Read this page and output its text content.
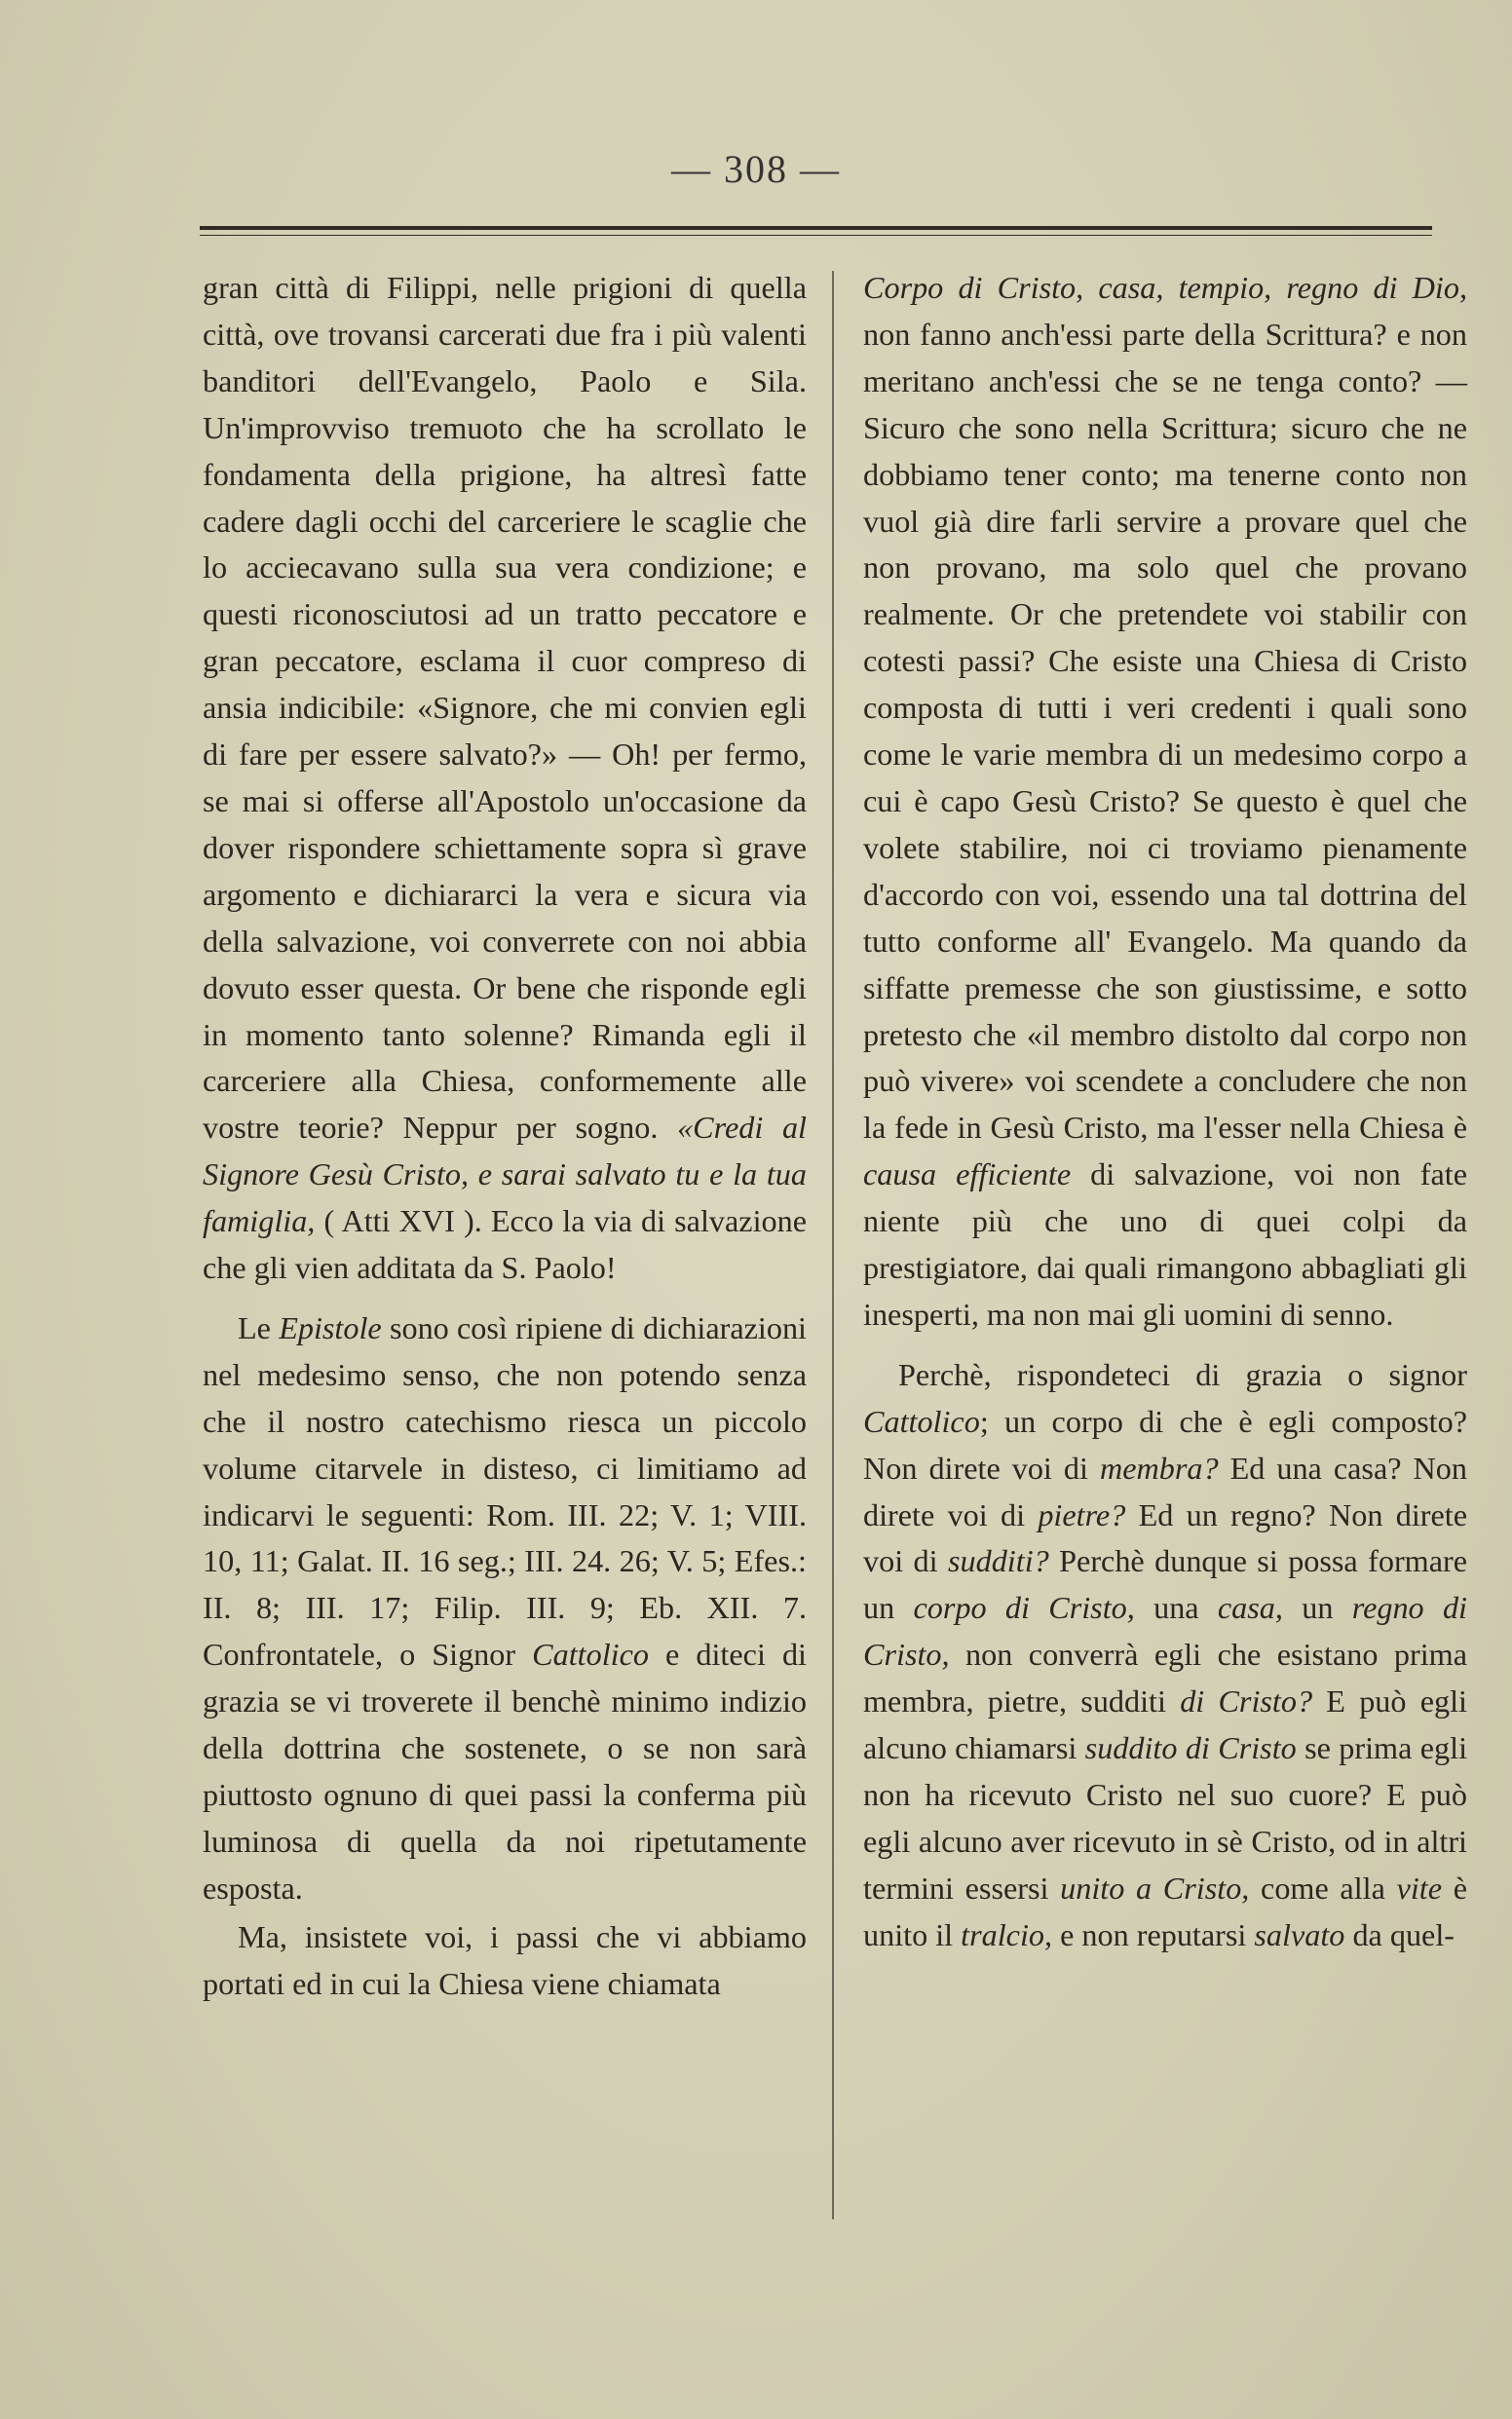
— 308 —

gran città di Filippi, nelle prigioni di quella città, ove trovansi carcerati due fra i più valenti banditori dell'Evangelo, Paolo e Sila. Un'improvviso tremuoto che ha scrollato le fondamenta della prigione, ha altresì fatte cadere dagli occhi del carceriere le scaglie che lo acciecavano sulla sua vera condizione; e questi riconosciutosi ad un tratto peccatore e gran peccatore, esclama il cuor compreso di ansia indicibile: «Signore, che mi convien egli di fare per essere salvato?» — Oh! per fermo, se mai si offerse all'Apostolo un'occasione da dover rispondere schiettamente sopra sì grave argomento e dichiararci la vera e sicura via della salvazione, voi converrete con noi abbia dovuto esser questa. Or bene che risponde egli in momento tanto solenne? Rimanda egli il carceriere alla Chiesa, conformemente alle vostre teorie? Neppur per sogno. «Credi al Signore Gesù Cristo, e sarai salvato tu e la tua famiglia, ( Atti XVI ). Ecco la via di salvazione che gli vien additata da S. Paolo!

Le Epistole sono così ripiene di dichiarazioni nel medesimo senso, che non potendo senza che il nostro catechismo riesca un piccolo volume citarvele in disteso, ci limitiamo ad indicarvi le seguenti: Rom. III. 22; V. 1; VIII. 10, 11; Galat. II. 16 seg.; III. 24. 26; V. 5; Efes.: II. 8; III. 17; Filip. III. 9; Eb. XII. 7. Confrontatele, o Signor Cattolico e diteci di grazia se vi troverete il benchè minimo indizio della dottrina che sostenete, o se non sarà piuttosto ognuno di quei passi la conferma più luminosa di quella da noi ripetutamente esposta.

Ma, insistete voi, i passi che vi abbiamo portati ed in cui la Chiesa viene chiamata

Corpo di Cristo, casa, tempio, regno di Dio, non fanno anch'essi parte della Scrittura? e non meritano anch'essi che se ne tenga conto? — Sicuro che sono nella Scrittura; sicuro che ne dobbiamo tener conto; ma tenerne conto non vuol già dire farli servire a provare quel che non provano, ma solo quel che provano realmente. Or che pretendete voi stabilir con cotesti passi? Che esiste una Chiesa di Cristo composta di tutti i veri credenti i quali sono come le varie membra di un medesimo corpo a cui è capo Gesù Cristo? Se questo è quel che volete stabilire, noi ci troviamo pienamente d'accordo con voi, essendo una tal dottrina del tutto conforme all' Evangelo. Ma quando da siffatte premesse che son giustissime, e sotto pretesto che «il membro distolto dal corpo non può vivere» voi scendete a concludere che non la fede in Gesù Cristo, ma l'esser nella Chiesa è causa efficiente di salvazione, voi non fate niente più che uno di quei colpi da prestigiatore, dai quali rimangono abbagliati gli inesperti, ma non mai gli uomini di senno.

Perchè, rispondeteci di grazia o signor Cattolico; un corpo di che è egli composto? Non direte voi di membra? Ed una casa? Non direte voi di pietre? Ed un regno? Non direte voi di sudditi? Perchè dunque si possa formare un corpo di Cristo, una casa, un regno di Cristo, non converrà egli che esistano prima membra, pietre, sudditi di Cristo? E può egli alcuno chiamarsi suddito di Cristo se prima egli non ha ricevuto Cristo nel suo cuore? E può egli alcuno aver ricevuto in sè Cristo, od in altri termini essersi unito a Cristo, come alla vite è unito il tralcio, e non reputarsi salvato da quel-
